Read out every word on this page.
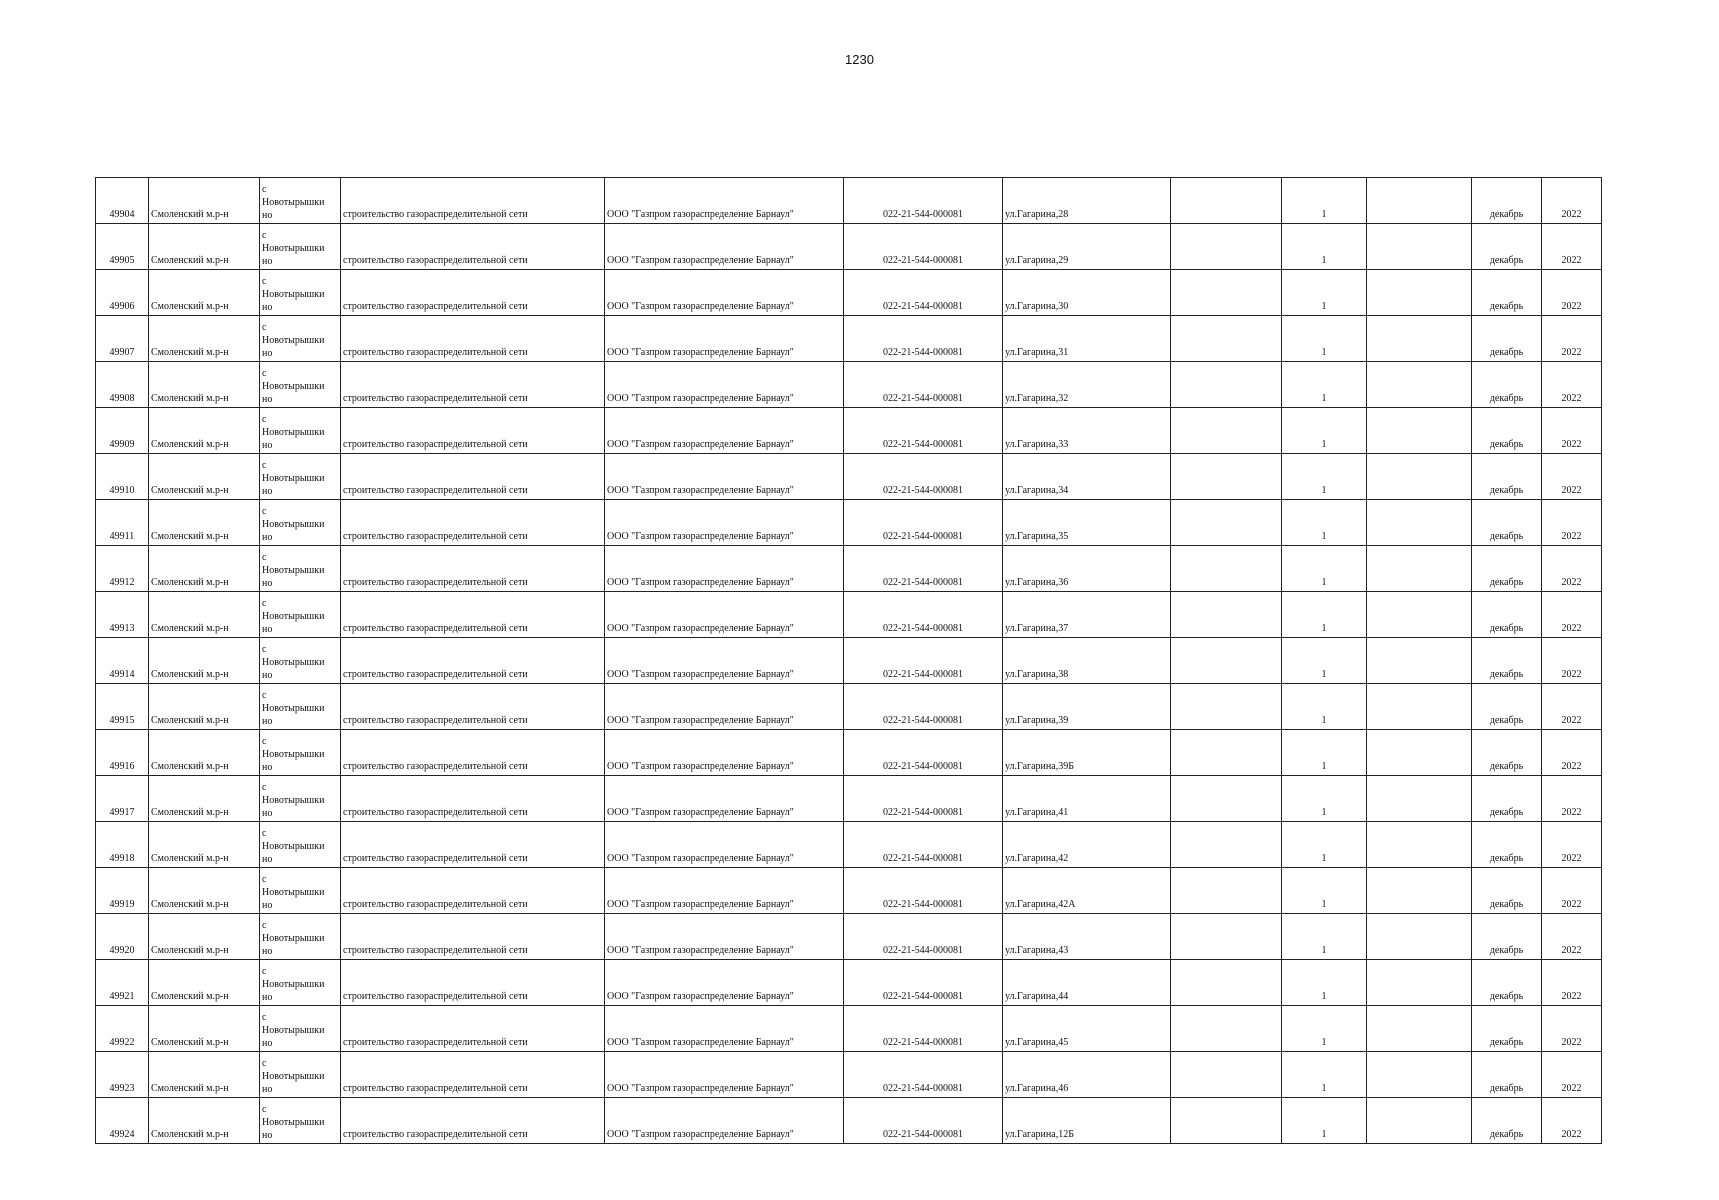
1230
49904	Смоленский м.р-н	с
Новотырышки
но	строительство газораспределительной сети	ООО "Газпром газораспределение Барнаул"	022-21-544-000081	ул.Гагарина,28		1		декабрь	2022
49905	Смоленский м.р-н	с
Новотырышки
но	строительство газораспределительной сети	ООО "Газпром газораспределение Барнаул"	022-21-544-000081	ул.Гагарина,29		1		декабрь	2022
49906	Смоленский м.р-н	с
Новотырышки
но	строительство газораспределительной сети	ООО "Газпром газораспределение Барнаул"	022-21-544-000081	ул.Гагарина,30		1		декабрь	2022
49907	Смоленский м.р-н	с
Новотырышки
но	строительство газораспределительной сети	ООО "Газпром газораспределение Барнаул"	022-21-544-000081	ул.Гагарина,31		1		декабрь	2022
49908	Смоленский м.р-н	с
Новотырышки
но	строительство газораспределительной сети	ООО "Газпром газораспределение Барнаул"	022-21-544-000081	ул.Гагарина,32		1		декабрь	2022
49909	Смоленский м.р-н	с
Новотырышки
но	строительство газораспределительной сети	ООО "Газпром газораспределение Барнаул"	022-21-544-000081	ул.Гагарина,33		1		декабрь	2022
49910	Смоленский м.р-н	с
Новотырышки
но	строительство газораспределительной сети	ООО "Газпром газораспределение Барнаул"	022-21-544-000081	ул.Гагарина,34		1		декабрь	2022
49911	Смоленский м.р-н	с
Новотырышки
но	строительство газораспределительной сети	ООО "Газпром газораспределение Барнаул"	022-21-544-000081	ул.Гагарина,35		1		декабрь	2022
49912	Смоленский м.р-н	с
Новотырышки
но	строительство газораспределительной сети	ООО "Газпром газораспределение Барнаул"	022-21-544-000081	ул.Гагарина,36		1		декабрь	2022
49913	Смоленский м.р-н	с
Новотырышки
но	строительство газораспределительной сети	ООО "Газпром газораспределение Барнаул"	022-21-544-000081	ул.Гагарина,37		1		декабрь	2022
49914	Смоленский м.р-н	с
Новотырышки
но	строительство газораспределительной сети	ООО "Газпром газораспределение Барнаул"	022-21-544-000081	ул.Гагарина,38		1		декабрь	2022
49915	Смоленский м.р-н	с
Новотырышки
но	строительство газораспределительной сети	ООО "Газпром газораспределение Барнаул"	022-21-544-000081	ул.Гагарина,39		1		декабрь	2022
49916	Смоленский м.р-н	с
Новотырышки
но	строительство газораспределительной сети	ООО "Газпром газораспределение Барнаул"	022-21-544-000081	ул.Гагарина,39Б		1		декабрь	2022
49917	Смоленский м.р-н	с
Новотырышки
но	строительство газораспределительной сети	ООО "Газпром газораспределение Барнаул"	022-21-544-000081	ул.Гагарина,41		1		декабрь	2022
49918	Смоленский м.р-н	с
Новотырышки
но	строительство газораспределительной сети	ООО "Газпром газораспределение Барнаул"	022-21-544-000081	ул.Гагарина,42		1		декабрь	2022
49919	Смоленский м.р-н	с
Новотырышки
но	строительство газораспределительной сети	ООО "Газпром газораспределение Барнаул"	022-21-544-000081	ул.Гагарина,42А		1		декабрь	2022
49920	Смоленский м.р-н	с
Новотырышки
но	строительство газораспределительной сети	ООО "Газпром газораспределение Барнаул"	022-21-544-000081	ул.Гагарина,43		1		декабрь	2022
49921	Смоленский м.р-н	с
Новотырышки
но	строительство газораспределительной сети	ООО "Газпром газораспределение Барнаул"	022-21-544-000081	ул.Гагарина,44		1		декабрь	2022
49922	Смоленский м.р-н	с
Новотырышки
но	строительство газораспределительной сети	ООО "Газпром газораспределение Барнаул"	022-21-544-000081	ул.Гагарина,45		1		декабрь	2022
49923	Смоленский м.р-н	с
Новотырышки
но	строительство газораспределительной сети	ООО "Газпром газораспределение Барнаул"	022-21-544-000081	ул.Гагарина,46		1		декабрь	2022
49924	Смоленский м.р-н	с
Новотырышки
но	строительство газораспределительной сети	ООО "Газпром газораспределение Барнаул"	022-21-544-000081	ул.Гагарина,12Б		1		декабрь	2022
